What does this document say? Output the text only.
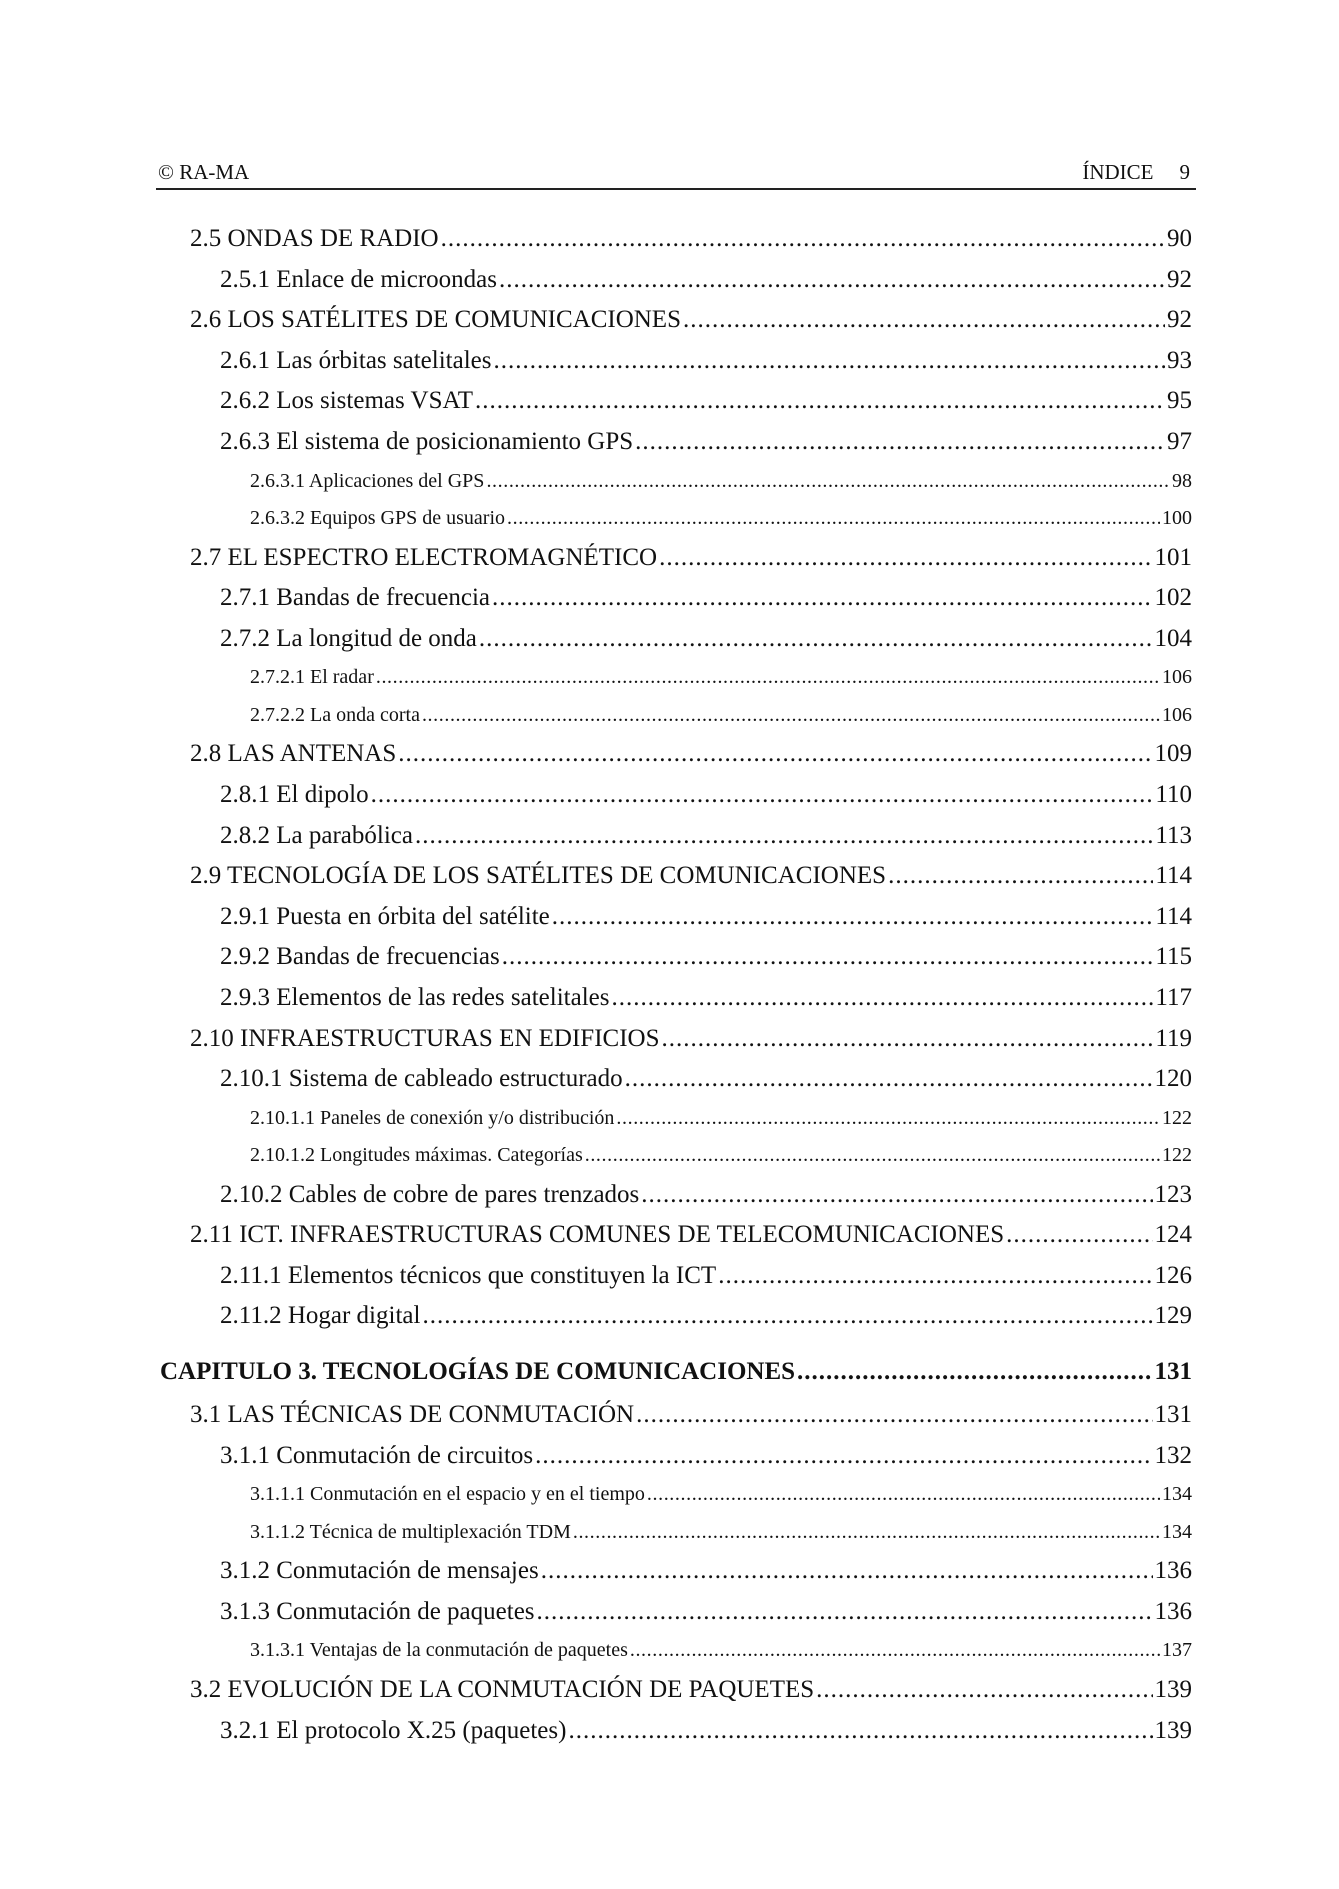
© RA-MA	ÍNDICE 9
2.5 ONDAS DE RADIO .....	90
2.5.1 Enlace de microondas .....	92
2.6 LOS SATÉLITES DE COMUNICACIONES .....	92
2.6.1 Las órbitas satelitales .....	93
2.6.2 Los sistemas VSAT .....	95
2.6.3 El sistema de posicionamiento GPS .....	97
2.6.3.1 Aplicaciones del GPS .....	98
2.6.3.2 Equipos GPS de usuario .....	100
2.7 EL ESPECTRO ELECTROMAGNÉTICO .....	101
2.7.1 Bandas de frecuencia .....	102
2.7.2 La longitud de onda .....	104
2.7.2.1 El radar .....	106
2.7.2.2 La onda corta .....	106
2.8 LAS ANTENAS .....	109
2.8.1 El dipolo .....	110
2.8.2 La parabólica .....	113
2.9 TECNOLOGÍA DE LOS SATÉLITES DE COMUNICACIONES .....	114
2.9.1 Puesta en órbita del satélite .....	114
2.9.2 Bandas de frecuencias .....	115
2.9.3 Elementos de las redes satelitales .....	117
2.10 INFRAESTRUCTURAS EN EDIFICIOS .....	119
2.10.1 Sistema de cableado estructurado .....	120
2.10.1.1 Paneles de conexión y/o distribución .....	122
2.10.1.2 Longitudes máximas. Categorías .....	122
2.10.2 Cables de cobre de pares trenzados .....	123
2.11 ICT. INFRAESTRUCTURAS COMUNES DE TELECOMUNICACIONES .....	124
2.11.1 Elementos técnicos que constituyen la ICT .....	126
2.11.2 Hogar digital .....	129
CAPITULO 3. TECNOLOGÍAS DE COMUNICACIONES .....	131
3.1 LAS TÉCNICAS DE CONMUTACIÓN .....	131
3.1.1 Conmutación de circuitos .....	132
3.1.1.1 Conmutación en el espacio y en el tiempo .....	134
3.1.1.2 Técnica de multiplexación TDM .....	134
3.1.2 Conmutación de mensajes .....	136
3.1.3 Conmutación de paquetes .....	136
3.1.3.1 Ventajas de la conmutación de paquetes .....	137
3.2 EVOLUCIÓN DE LA CONMUTACIÓN DE PAQUETES .....	139
3.2.1 El protocolo X.25 (paquetes) .....	139
